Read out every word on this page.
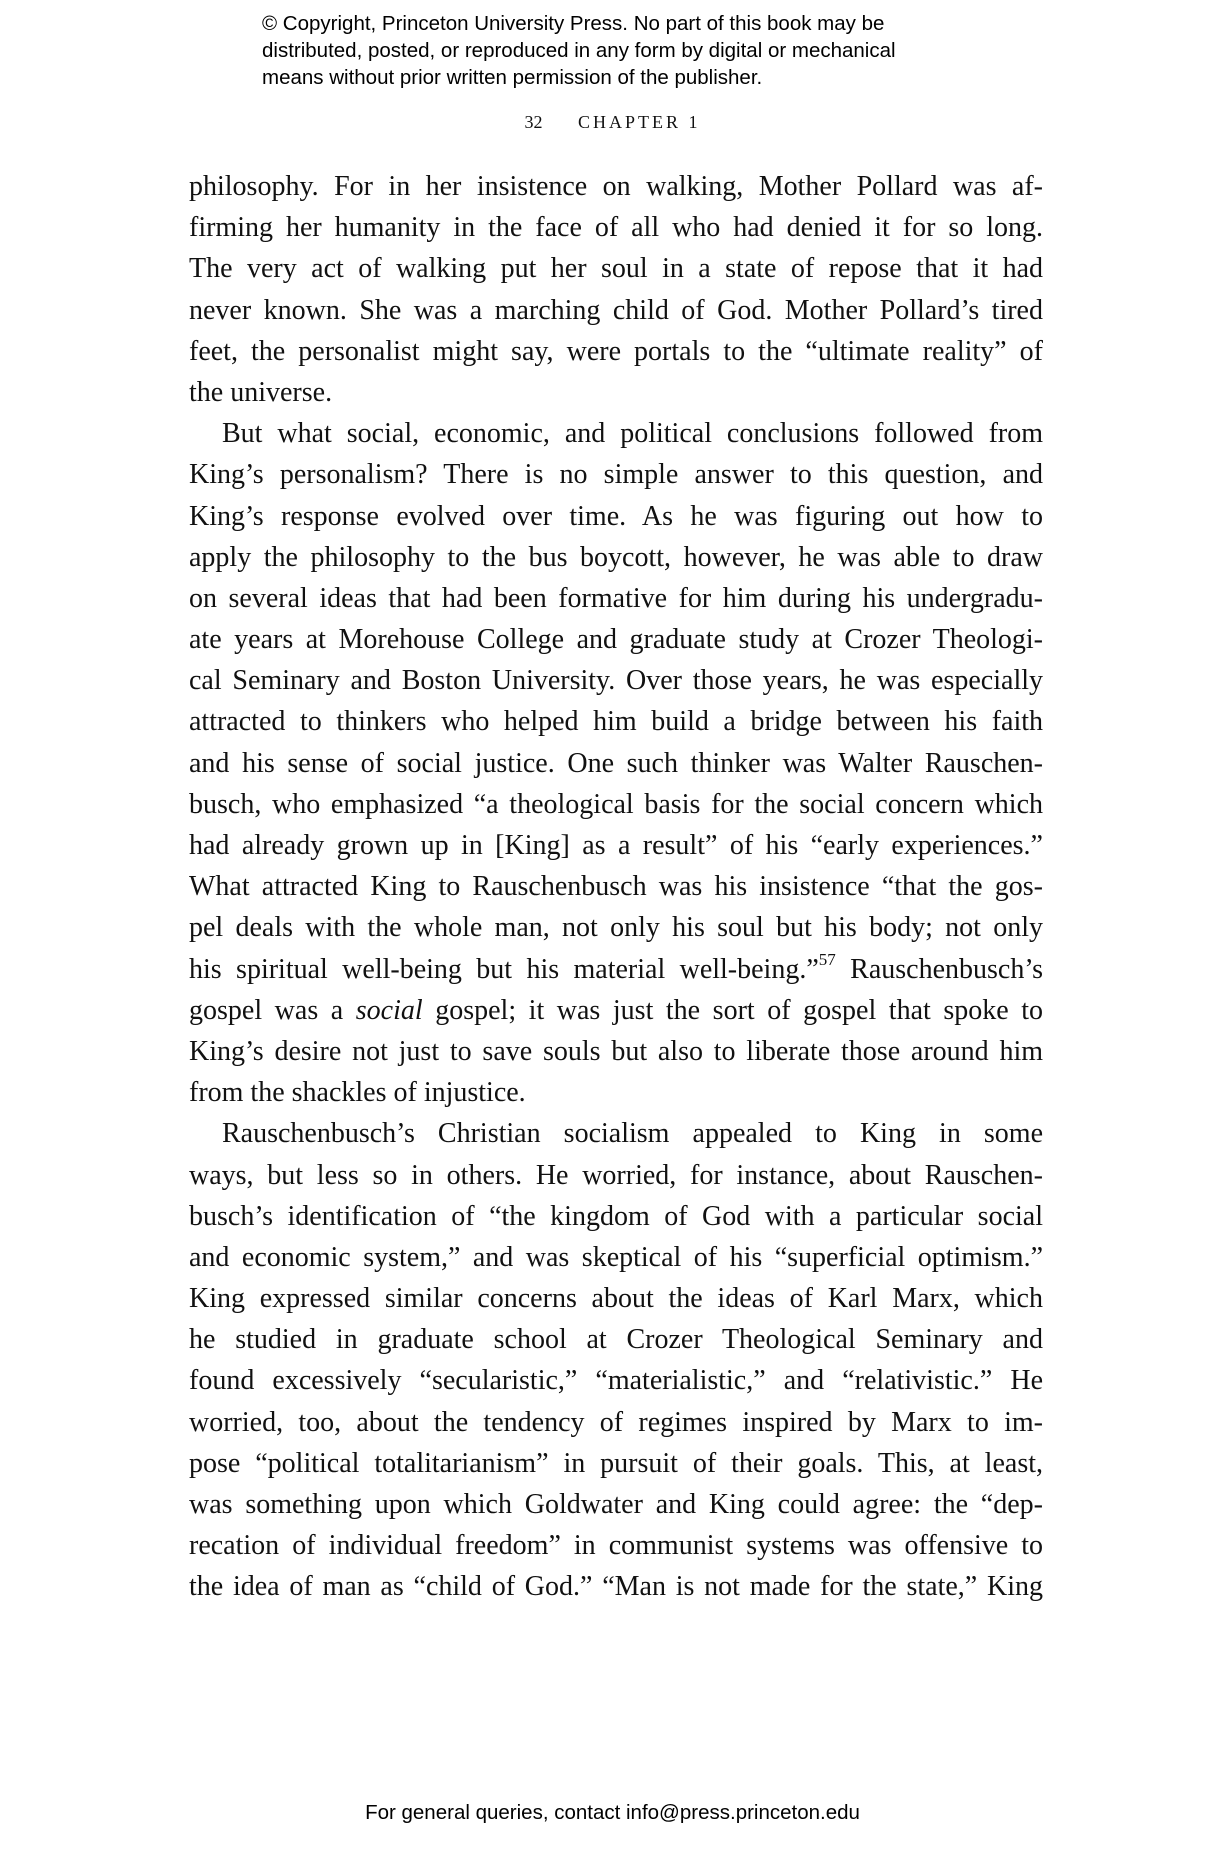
© Copyright, Princeton University Press. No part of this book may be
distributed, posted, or reproduced in any form by digital or mechanical
means without prior written permission of the publisher.
32 CHAPTER 1
philosophy. For in her insistence on walking, Mother Pollard was af-
firming her humanity in the face of all who had denied it for so long.
The very act of walking put her soul in a state of repose that it had
never known. She was a marching child of God. Mother Pollard’s tired
feet, the personalist might say, were portals to the “ultimate reality” of
the universe.
But what social, economic, and political conclusions followed from
King’s personalism? There is no simple answer to this question, and
King’s response evolved over time. As he was figuring out how to
apply the philosophy to the bus boycott, however, he was able to draw
on several ideas that had been formative for him during his undergradu-
ate years at Morehouse College and graduate study at Crozer Theologi-
cal Seminary and Boston University. Over those years, he was especially
attracted to thinkers who helped him build a bridge between his faith
and his sense of social justice. One such thinker was Walter Rauschen-
busch, who emphasized “a theological basis for the social concern which
had already grown up in [King] as a result” of his “early experiences.”
What attracted King to Rauschenbusch was his insistence “that the gos-
pel deals with the whole man, not only his soul but his body; not only
his spiritual well-being but his material well-being.”$^{57}$ Rauschenbusch’s
gospel was a social gospel; it was just the sort of gospel that spoke to
King’s desire not just to save souls but also to liberate those around him
from the shackles of injustice.
Rauschenbusch’s Christian socialism appealed to King in some
ways, but less so in others. He worried, for instance, about Rauschen-
busch’s identification of “the kingdom of God with a particular social
and economic system,” and was skeptical of his “superficial optimism.”
King expressed similar concerns about the ideas of Karl Marx, which
he studied in graduate school at Crozer Theological Seminary and
found excessively “secularistic,” “materialistic,” and “relativistic.” He
worried, too, about the tendency of regimes inspired by Marx to im-
pose “political totalitarianism” in pursuit of their goals. This, at least,
was something upon which Goldwater and King could agree: the “dep-
recation of individual freedom” in communist systems was offensive to
the idea of man as “child of God.” “Man is not made for the state,” King
For general queries, contact info@press.princeton.edu
